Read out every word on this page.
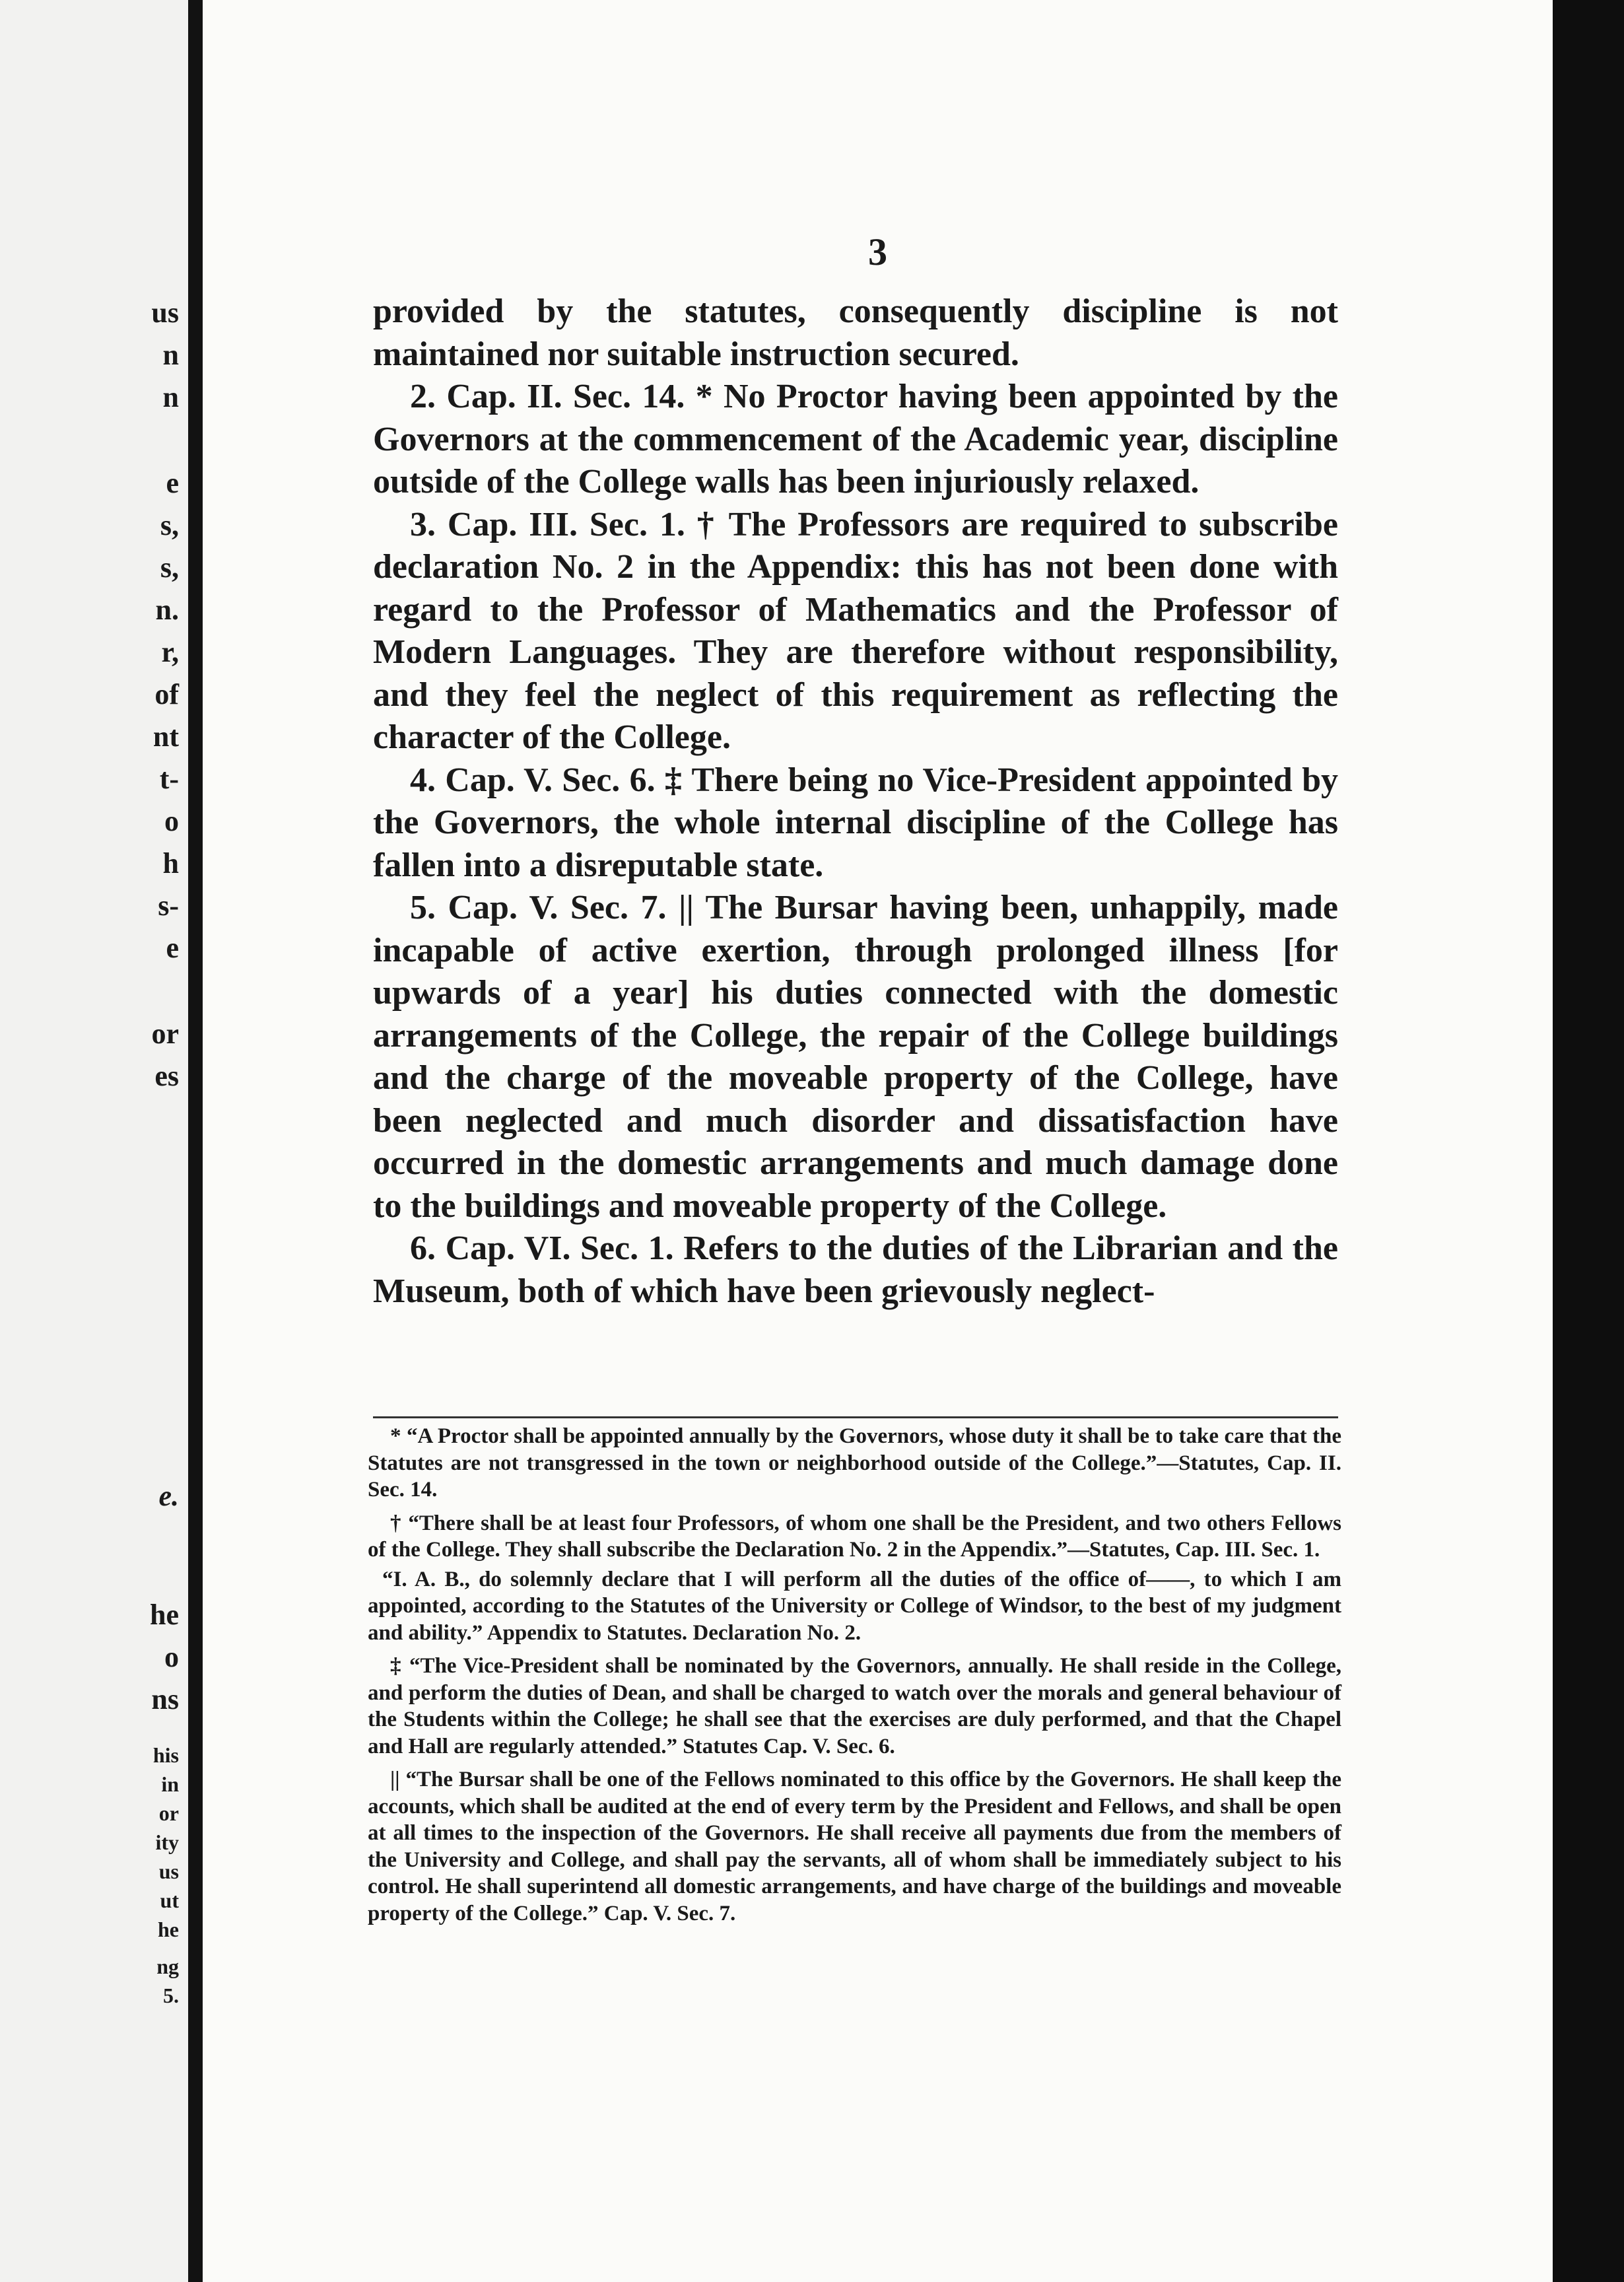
us
n
n
e
s,
s,
n.
r,
of
nt
t-
o
h
s-
e
or
es
e.
he
o
ns
his
in
or
ity
us
ut
he
ng
5.
3

provided by the statutes, consequently discipline is not maintained nor suitable instruction secured.

2. Cap. II. Sec. 14. * No Proctor having been appointed by the Governors at the commencement of the Academic year, discipline outside of the College walls has been injuriously relaxed.

3. Cap. III. Sec. 1. † The Professors are required to subscribe declaration No. 2 in the Appendix: this has not been done with regard to the Professor of Mathematics and the Professor of Modern Languages. They are therefore without responsibility, and they feel the neglect of this requirement as reflecting the character of the College.

4. Cap. V. Sec. 6. ‡ There being no Vice-President appointed by the Governors, the whole internal discipline of the College has fallen into a disreputable state.

5. Cap. V. Sec. 7. || The Bursar having been, unhappily, made incapable of active exertion, through prolonged illness [for upwards of a year] his duties connected with the domestic arrangements of the College, the repair of the College buildings and the charge of the moveable property of the College, have been neglected and much disorder and dissatisfaction have occurred in the domestic arrangements and much damage done to the buildings and moveable property of the College.

6. Cap. VI. Sec. 1. Refers to the duties of the Librarian and the Museum, both of which have been grievously neglect-

* “A Proctor shall be appointed annually by the Governors, whose duty it shall be to take care that the Statutes are not transgressed in the town or neighborhood outside of the College.”—Statutes, Cap. II. Sec. 14.

† “There shall be at least four Professors, of whom one shall be the President, and two others Fellows of the College. They shall subscribe the Declaration No. 2 in the Appendix.”—Statutes, Cap. III. Sec. 1.

“I. A. B., do solemnly declare that I will perform all the duties of the office of——, to which I am appointed, according to the Statutes of the University or College of Windsor, to the best of my judgment and ability.” Appendix to Statutes. Declaration No. 2.

‡ “The Vice-President shall be nominated by the Governors, annually. He shall reside in the College, and perform the duties of Dean, and shall be charged to watch over the morals and general behaviour of the Students within the College; he shall see that the exercises are duly performed, and that the Chapel and Hall are regularly attended.” Statutes Cap. V. Sec. 6.

|| “The Bursar shall be one of the Fellows nominated to this office by the Governors. He shall keep the accounts, which shall be audited at the end of every term by the President and Fellows, and shall be open at all times to the inspection of the Governors. He shall receive all payments due from the members of the University and College, and shall pay the servants, all of whom shall be immediately subject to his control. He shall superintend all domestic arrangements, and have charge of the buildings and moveable property of the College.” Cap. V. Sec. 7.
